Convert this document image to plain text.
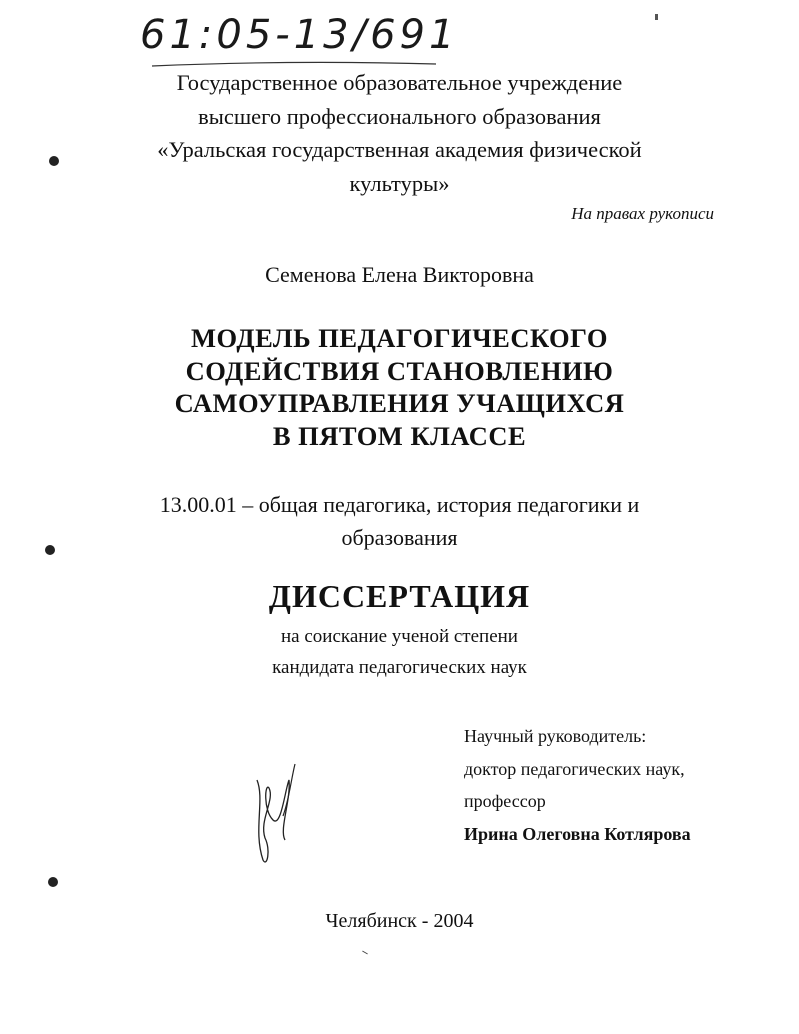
61:05-13/691
Государственное образовательное учреждение
высшего профессионального образования
«Уральская государственная академия физической
культуры»
На правах рукописи
Семенова Елена Викторовна
МОДЕЛЬ ПЕДАГОГИЧЕСКОГО
СОДЕЙСТВИЯ СТАНОВЛЕНИЮ
САМОУПРАВЛЕНИЯ УЧАЩИХСЯ
В ПЯТОМ КЛАССЕ
13.00.01 – общая педагогика, история педагогики и
образования
ДИССЕРТАЦИЯ
на соискание ученой степени
кандидата педагогических наук
Научный руководитель:
доктор педагогических наук,
профессор
Ирина Олеговна Котлярова
Челябинск - 2004
